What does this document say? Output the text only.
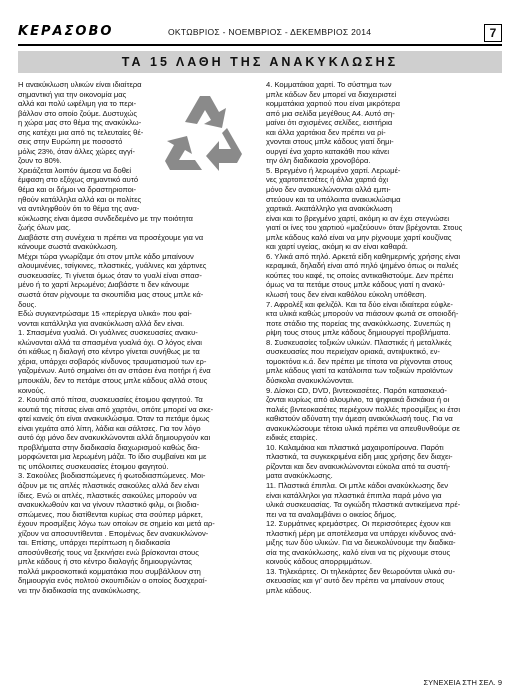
ΚΕΡΑΣΟΒΟ	ΟΚΤΩΒΡΙΟΣ - ΝΟΕΜΒΡΙΟΣ - ΔΕΚΕΜΒΡΙΟΣ 2014	7
ΤΑ 15 ΛΑΘΗ ΤΗΣ ΑΝΑΚΥΚΛΩΣΗΣ

Η ανακύκλωση υλικών είναι ιδιαίτερα
σημαντική για την οικονομία μας
αλλά και πολύ ωφέλιμη για το περι-
βάλλον στο οποίο ζούμε. Δυστυχώς
η χώρα μας στο θέμα της ανακύκλω-
σης κατέχει μια από τις τελευταίες θέ-
σεις στην Ευρώπη με ποσοστό
μόλις 23%, όταν άλλες χώρες αγγί-
ζουν το 80%.
Χρειάζεται λοιπόν άμεσα να δοθεί
έμφαση στο εξόχως σημαντικό αυτό
θέμα και οι δήμοι να δραστηριοποι-
ηθούν κατάλληλα αλλά και οι πολίτες
να αντιληφθούν ότι το θέμα της ανα-
κύκλωσης είναι άμεσα συνδεδεμένο με την ποιότητα
ζωής όλων μας.
Διαβάστε στη συνέχεια τι πρέπει να προσέχουμε για να
κάνουμε σωστά ανακύκλωση.
Μέχρι τώρα γνωρίζαμε ότι στον μπλε κάδο μπαίνουν
αλουμινένιες, τσίγκινες, πλαστικές, γυάλινες και χάρτινες
συσκευασίες. Τι γίνεται όμως όταν το γυαλί είναι σπασ-
μένο ή το χαρτί λερωμένο; Διαβάστε τι δεν κάνουμε
σωστά όταν ρίχνουμε τα σκουπίδια μας στους μπλε κά-
δους.
Εδώ συγκεντρώσαμε 15 «περίεργα υλικά» που φαί-
νονται κατάλληλα για ανακύκλωση αλλά δεν είναι.
1. Σπασμένα γυαλιά. Οι γυάλινες συσκευασίες ανακυ-
κλώνονται αλλά τα σπασμένα γυαλιά όχι. Ο λόγος είναι
ότι κάθως η διαλογή στο κέντρο γίνεται συνήθως με τα
χέρια, υπάρχει σοβαρός κίνδυνος τραυματισμού των ερ-
γαζομένων. Αυτό σημαίνει ότι αν σπάσει ένα ποτήρι ή ένα
μπουκάλι, δεν το πετάμε στους μπλε κάδους αλλά στους
κοινούς.
2. Κουτιά από πίτσα, συσκευασίες έτοιμου φαγητού. Τα
κουτιά της πίτσας είναι από χαρτόνι, οπότε μπορεί να σκε-
φτεί κανείς ότι είναι ανακυκλώσιμα. Όταν τα πετάμε όμως
είναι γεμάτα από λίπη, λάδια και σάλτσες. Για τον λόγο
αυτό όχι μόνο δεν ανακυκλώνονται αλλά δημιουργούν και
προβλήματα στην διαδικασία διαχωρισμού καθώς δια-
μορφώνεται μια λερωμένη μάζα. Το ίδιο συμβαίνει και με
τις υπόλοιπες συσκευασίες έτοιμου φαγητού.
3. Σακούλες βιοδιασπώμενες ή φωτοδιασπώμενες. Μοι-
άζουν με τις απλές πλαστικές σακούλες αλλά δεν είναι
ίδιες. Ενώ οι απλές, πλαστικές σακούλες μπορούν να
ανακυκλωθούν και να γίνουν πλαστικό φιλμ, οι βιοδια-
σπώμενες, που διατίθενται κυρίως στα σούπερ μάρκετ,
έχουν προσμίξεις λόγω των οποίων σε σημείο και μετά αρ-
χίζουν να αποσυντίθενται . Επομένως δεν ανακυκλώνον-
ται. Επίσης, υπάρχει περίπτωση η διαδικασία
αποσύνθεσής τους να ξεκινήσει ενώ βρίσκονται στους
μπλε κάδους ή στο κέντρο διαλογής δημιουργώντας
πολλά μικροσκοπικά κομματάκια που συμβάλλουν στη
δημιουργία ενός πολτού σκουπιδιών ο οποίος δυσχεραί-
νει την διαδικασία της ανακύκλωσης.

4. Κομματάκια χαρτί. Το σύστημα των
μπλε κάδων δεν μπορεί να διαχειριστεί
κομματάκια χαρτιού που είναι μικρότερα
από μια σελίδα μεγέθους Α4. Αυτό ση-
μαίνει ότι σχισμένες σελίδες, εισιτήρια
και άλλα χαρτάκια δεν πρέπει να ρί-
χνονται στους μπλε κάδους γιατί δημι-
ουργεί ένα χαρτο κατακάθι που κάνει
την όλη διαδικασία χρονοβόρα.
5. Βρεγμένο ή λερωμένο χαρτί. Λερωμέ-
νες χαρτοπετσέτες ή άλλα χαρτιά όχι
μόνο δεν ανακυκλώνονται αλλά εμπι-
στεύουν και τα υπόλοιπα ανακυκλώσιμα
χαρτικά. Ακατάλληλο για ανακύκλωση
είναι και το βρεγμένο χαρτί, ακόμη κι αν έχει στεγνώσει
γιατί οι ίνες του χαρτιού «μαζεύουν» όταν βρέχονται. Στους
μπλε κάδους καλό είναι να μην ρίχνουμε χαρτί κουζίνας
και χαρτί υγείας, ακόμη κι αν είναι καθαρά.
6. Υλικά από πηλό. Αρκετά είδη καθημερινής χρήσης είναι
κεραμικά, δηλαδή είναι από πηλό ψημένο όπως οι παλιές
κούπες του καφέ, τις οποίες αντικαθιστούμε. Δεν πρέπει
όμως να τα πετάμε στους μπλε κάδους γιατί η ανακύ-
κλωσή τους δεν είναι καθόλου εύκολη υπόθεση.
7. Αφρολέξ και φελιζόλ. Και τα δύο είναι ιδιαίτερα εύφλε-
κτα υλικά καθώς μπορούν να πιάσουν φωτιά σε οποιοδή-
ποτε στάδιο της πορείας της ανακύκλωσης. Συνεπώς η
ρίψη τους στους μπλε κάδους δημιουργεί προβλήματα.
8. Συσκευασίες τοξικών υλικών. Πλαστικές ή μεταλλικές
συσκευασίες που περιείχαν οριακά, αντιψυκτικό, εν-
τομοκτόνα κ.ά. δεν πρέπει με τίποτα να ρίχνονται στους
μπλε κάδους γιατί τα κατάλοιπα των τοξικών προϊόντων
δύσκολα ανακυκλώνονται.
9. Δίσκοι CD, DVD, βιντεοκασέτες. Παρότι κατασκευά-
ζονται κυρίως από αλουμίνιο, τα ψηφιακά δισκάκια ή οι
παλιές βιντεοκασέτες περιέχουν πολλές προσμίξεις κι έτσι
καθιστούν αδύνατη την άμεση ανακύκλωσή τους. Για να
ανακυκλώσουμε τέτοια υλικά πρέπει να απευθυνθούμε σε
ειδικές εταιρίες.
10. Καλαμάκια και πλαστικά μαχαιροπίρουνα. Παρότι
πλαστικά, τα συγκεκριμένα είδη μιας χρήσης δεν διαχει-
ρίζονται και δεν ανακυκλώνονται εύκολα από τα συστή-
ματα ανακύκλωσης.
11. Πλαστικά έπιπλα. Οι μπλε κάδοι ανακύκλωσης δεν
είναι κατάλληλοι για πλαστικά έπιπλα παρά μόνο για
υλικά συσκευασίας. Τα ογκώδη πλαστικά αντικείμενα πρέ-
πει να τα αναλαμβάνει ο οικείος δήμος.
12. Συρμάτινες κρεμάστρες. Οι περισσότερες έχουν και
πλαστική μέρη με αποτέλεσμα να υπάρχει κίνδυνος ανά-
μιξης των δύο υλικών. Για να διευκολύνουμε την διαδικα-
σία της ανακύκλωσης, καλό είναι να τις ρίχνουμε στους
κοινούς κάδους απορριμμάτων.
13. Τηλεκάρτες. Οι τηλεκάρτες δεν θεωρούνται υλικά συ-
σκευασίας και γι' αυτό δεν πρέπει να μπαίνουν στους
μπλε κάδους.

ΣΥΝΕΧΕΙΑ ΣΤΗ ΣΕΛ. 9
